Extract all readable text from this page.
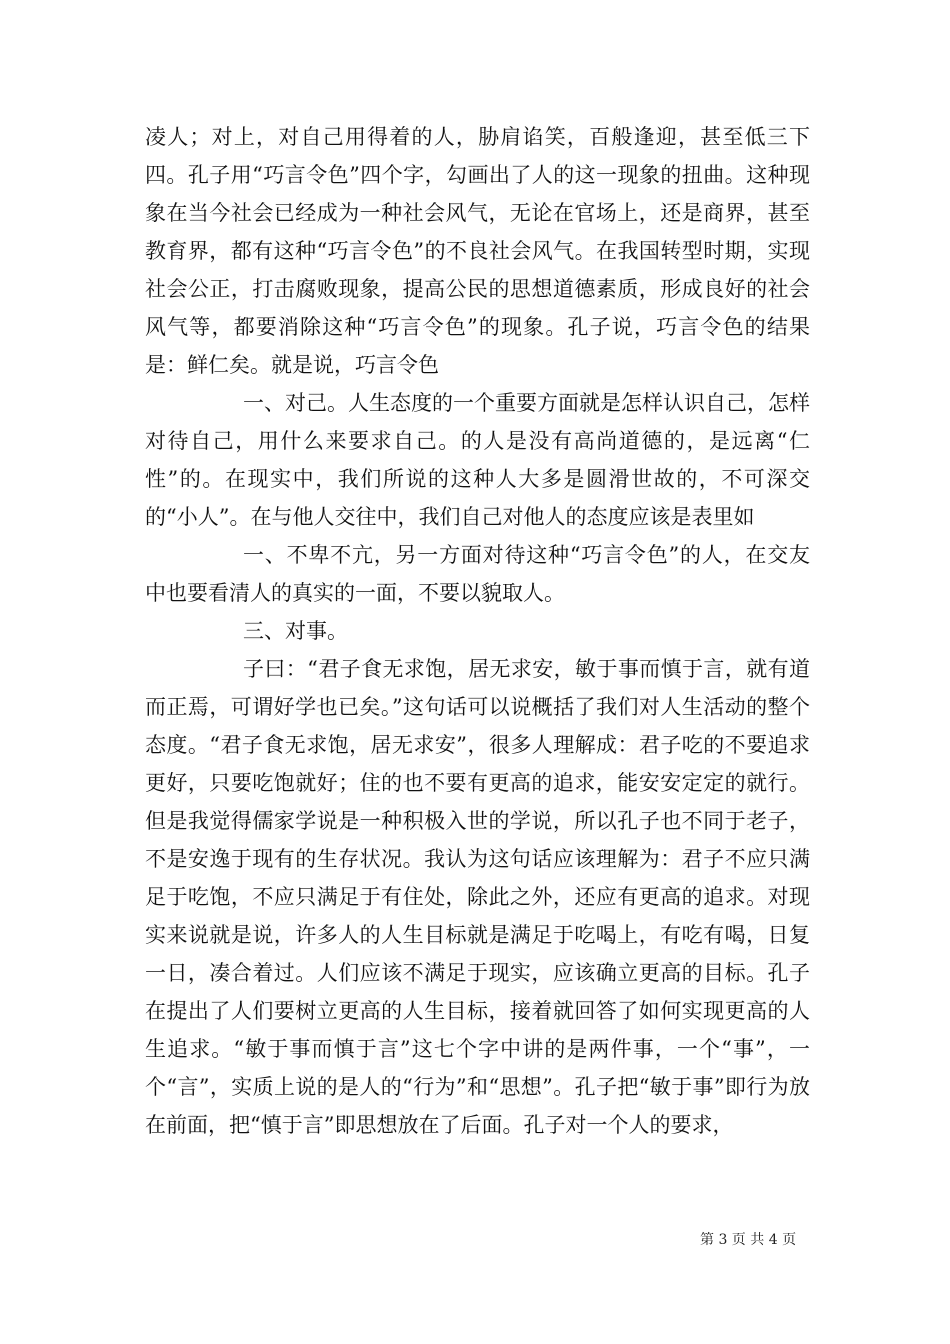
凌人；对上，对自己用得着的人，胁肩谄笑，百般逢迎，甚至低三下四。孔子用“巧言令色”四个字，勾画出了人的这一现象的扭曲。这种现象在当今社会已经成为一种社会风气，无论在官场上，还是商界，甚至教育界，都有这种“巧言令色”的不良社会风气。在我国转型时期，实现社会公正，打击腐败现象，提高公民的思想道德素质，形成良好的社会风气等，都要消除这种“巧言令色”的现象。孔子说，巧言令色的结果是：鲜仁矣。就是说，巧言令色

一、对己。人生态度的一个重要方面就是怎样认识自己，怎样对待自己，用什么来要求自己。的人是没有高尚道德的，是远离“仁性”的。在现实中，我们所说的这种人大多是圆滑世故的，不可深交的“小人”。在与他人交往中，我们自己对他人的态度应该是表里如

一、不卑不亢，另一方面对待这种“巧言令色”的人，在交友中也要看清人的真实的一面，不要以貌取人。

三、对事。

子曰：“君子食无求饱，居无求安，敏于事而慎于言，就有道而正焉，可谓好学也已矣。”这句话可以说概括了我们对人生活动的整个态度。“君子食无求饱，居无求安”，很多人理解成：君子吃的不要追求更好，只要吃饱就好；住的也不要有更高的追求，能安安定定的就行。但是我觉得儒家学说是一种积极入世的学说，所以孔子也不同于老子，不是安逸于现有的生存状况。我认为这句话应该理解为：君子不应只满足于吃饱，不应只满足于有住处，除此之外，还应有更高的追求。对现实来说就是说，许多人的人生目标就是满足于吃喝上，有吃有喝，日复一日，凑合着过。人们应该不满足于现实，应该确立更高的目标。孔子在提出了人们要树立更高的人生目标，接着就回答了如何实现更高的人生追求。“敏于事而慎于言”这七个字中讲的是两件事，一个“事”，一个“言”，实质上说的是人的“行为”和“思想”。孔子把“敏于事”即行为放在前面，把“慎于言”即思想放在了后面。孔子对一个人的要求，

第 3 页 共 4 页
